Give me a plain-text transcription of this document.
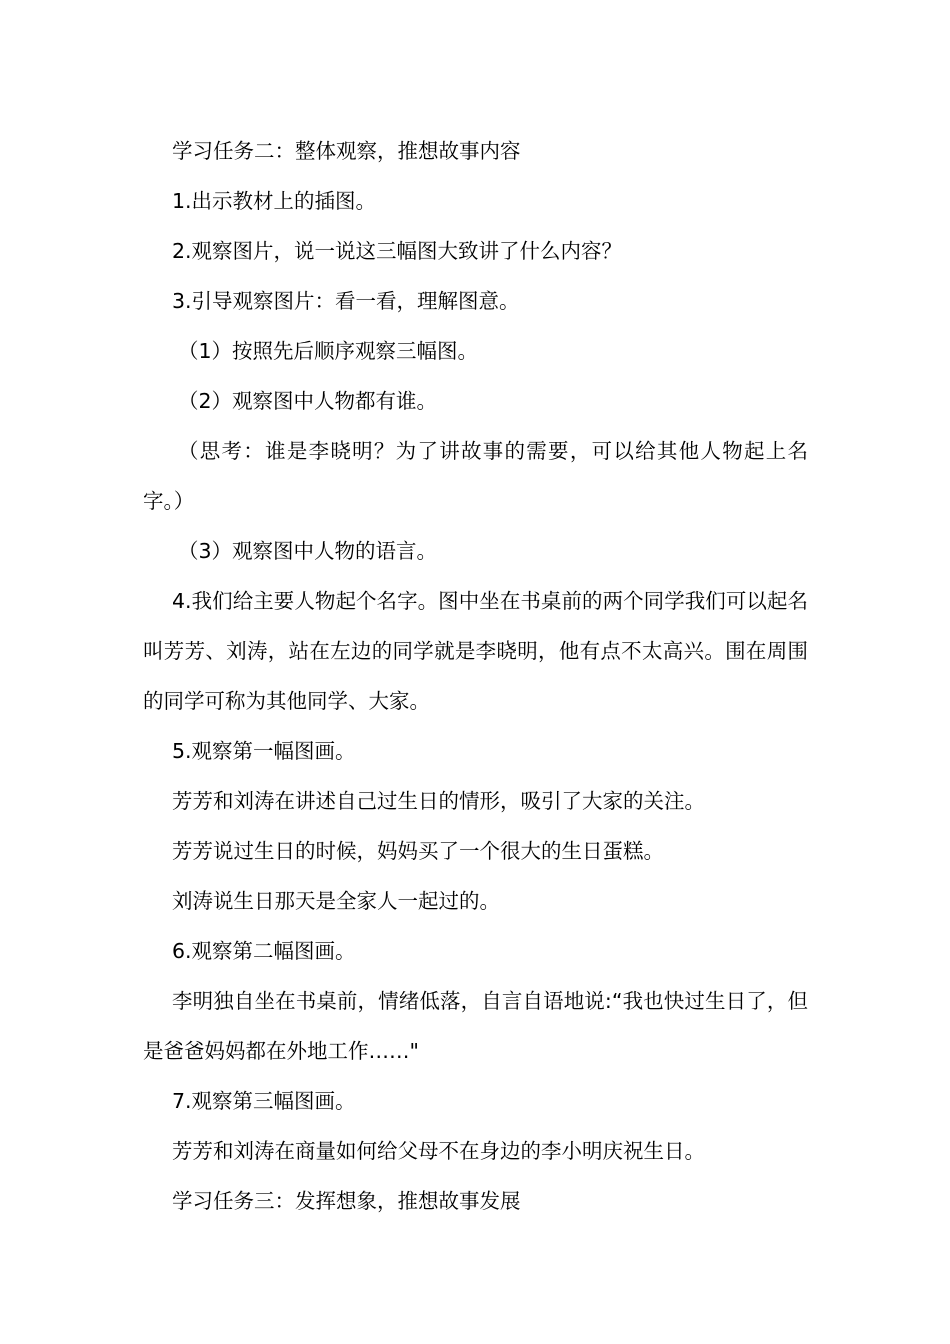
学习任务二：整体观察，推想故事内容

1.出示教材上的插图。

2.观察图片，说一说这三幅图大致讲了什么内容？

3.引导观察图片：看一看，理解图意。

（1）按照先后顺序观察三幅图。

（2）观察图中人物都有谁。

（思考：谁是李晓明？为了讲故事的需要，可以给其他人物起上名字。）

（3）观察图中人物的语言。

4.我们给主要人物起个名字。图中坐在书桌前的两个同学我们可以起名叫芳芳、刘涛，站在左边的同学就是李晓明，他有点不太高兴。围在周围的同学可称为其他同学、大家。

5.观察第一幅图画。

芳芳和刘涛在讲述自己过生日的情形，吸引了大家的关注。

芳芳说过生日的时候，妈妈买了一个很大的生日蛋糕。

刘涛说生日那天是全家人一起过的。

6.观察第二幅图画。

李明独自坐在书桌前，情绪低落，自言自语地说:“我也快过生日了，但是爸爸妈妈都在外地工作……"

7.观察第三幅图画。

芳芳和刘涛在商量如何给父母不在身边的李小明庆祝生日。

学习任务三：发挥想象，推想故事发展
